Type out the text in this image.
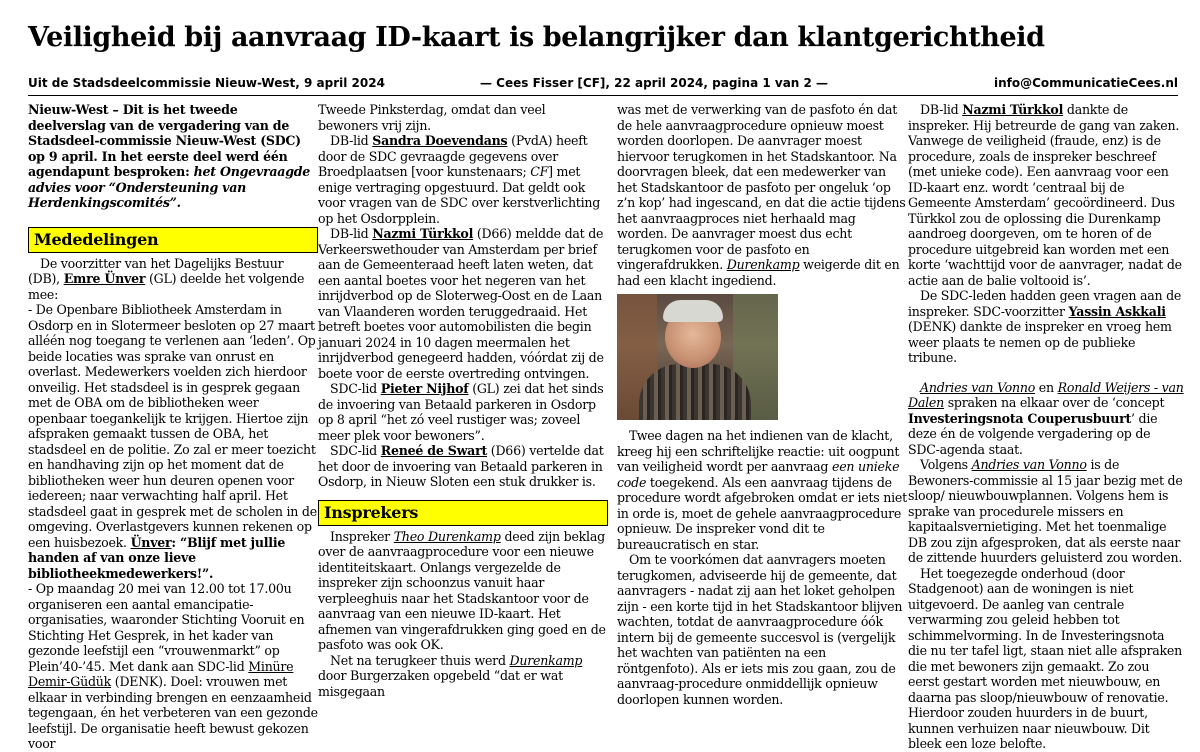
Veiligheid bij aanvraag ID-kaart is belangrijker dan klantgerichtheid
Uit de Stadsdeelcommissie Nieuw-West, 9 april 2024	— Cees Fisser [CF], 22 april 2024, pagina 1 van 2 —	info@CommunicatieCees.nl

Nieuw-West – Dit is het tweede deelverslag van de vergadering van de Stadsdeel-commissie Nieuw-West (SDC) op 9 april. In het eerste deel werd één agendapunt besproken: het Ongevraagde advies voor “Ondersteuning van Herdenkingscomités”.

Mededelingen

De voorzitter van het Dagelijks Bestuur (DB), Emre Ünver (GL) deelde het volgende mee:

- De Openbare Bibliotheek Amsterdam in Osdorp en in Slotermeer besloten op 27 maart alléén nog toegang te verlenen aan ‘leden’. Op beide locaties was sprake van onrust en overlast. Medewerkers voelden zich hierdoor onveilig. Het stadsdeel is in gesprek gegaan met de OBA om de bibliotheken weer openbaar toegankelijk te krijgen. Hiertoe zijn afspraken gemaakt tussen de OBA, het stadsdeel en de politie. Zo zal er meer toezicht en handhaving zijn op het moment dat de bibliotheken weer hun deuren openen voor iedereen; naar verwachting half april. Het stadsdeel gaat in gesprek met de scholen in de omgeving. Overlastgevers kunnen rekenen op een huisbezoek. Ünver: “Blijf met jullie handen af van onze lieve bibliotheekmedewerkers!”.

- Op maandag 20 mei van 12.00 tot 17.00u organiseren een aantal emancipatie-organisaties, waaronder Stichting Vooruit en Stichting Het Gesprek, in het kader van gezonde leefstijl een “vrouwenmarkt” op Plein’40-’45. Met dank aan SDC-lid Minüre Demir-Güdük (DENK). Doel: vrouwen met elkaar in verbinding brengen en eenzaamheid tegengaan, én het verbeteren van een gezonde leefstijl. De organisatie heeft bewust gekozen voor

Tweede Pinksterdag, omdat dan veel bewoners vrij zijn.

DB-lid Sandra Doevendans (PvdA) heeft door de SDC gevraagde gegevens over Broedplaatsen [voor kunstenaars; CF] met enige vertraging opgestuurd. Dat geldt ook voor vragen van de SDC over kerstverlichting op het Osdorpplein.

DB-lid Nazmi Türkkol (D66) meldde dat de Verkeerswethouder van Amsterdam per brief aan de Gemeenteraad heeft laten weten, dat een aantal boetes voor het negeren van het inrijdverbod op de Sloterweg-Oost en de Laan van Vlaanderen worden teruggedraaid. Het betreft boetes voor automobilisten die begin januari 2024 in 10 dagen meermalen het inrijdverbod genegeerd hadden, vóórdat zij de boete voor de eerste overtreding ontvingen.

SDC-lid Pieter Nijhof (GL) zei dat het sinds de invoering van Betaald parkeren in Osdorp op 8 april “het zó veel rustiger was; zoveel meer plek voor bewoners”.

SDC-lid Reneé de Swart (D66) vertelde dat het door de invoering van Betaald parkeren in Osdorp, in Nieuw Sloten een stuk drukker is.

Insprekers

Inspreker Theo Durenkamp deed zijn beklag over de aanvraagprocedure voor een nieuwe identiteitskaart. Onlangs vergezelde de inspreker zijn schoonzus vanuit haar verpleeghuis naar het Stadskantoor voor de aanvraag van een nieuwe ID-kaart. Het afnemen van vingerafdrukken ging goed en de pasfoto was ook OK.

Net na terugkeer thuis werd Durenkamp door Burgerzaken opgebeld “dat er wat misgegaan

was met de verwerking van de pasfoto én dat de hele aanvraagprocedure opnieuw moest worden doorlopen. De aanvrager moest hiervoor terugkomen in het Stadskantoor. Na doorvragen bleek, dat een medewerker van het Stadskantoor de pasfoto per ongeluk ‘op z’n kop’ had ingescand, en dat die actie tijdens het aanvraagproces niet herhaald mag worden. De aanvrager moest dus echt terugkomen voor de pasfoto en vingerafdrukken. Durenkamp weigerde dit en had een klacht ingediend.

Twee dagen na het indienen van de klacht, kreeg hij een schriftelijke reactie: uit oogpunt van veiligheid wordt per aanvraag een unieke code toegekend. Als een aanvraag tijdens de procedure wordt afgebroken omdat er iets niet in orde is, moet de gehele aanvraagprocedure opnieuw. De inspreker vond dit te bureaucratisch en star.

Om te voorkómen dat aanvragers moeten terugkomen, adviseerde hij de gemeente, dat aanvragers - nadat zij aan het loket geholpen zijn - een korte tijd in het Stadskantoor blijven wachten, totdat de aanvraagprocedure óók intern bij de gemeente succesvol is (vergelijk het wachten van patiënten na een röntgenfoto). Als er iets mis zou gaan, zou de aanvraag-procedure onmiddellijk opnieuw doorlopen kunnen worden.

DB-lid Nazmi Türkkol dankte de inspreker. Hij betreurde de gang van zaken. Vanwege de veiligheid (fraude, enz) is de procedure, zoals de inspreker beschreef (met unieke code). Een aanvraag voor een ID-kaart enz. wordt ‘centraal bij de Gemeente Amsterdam’ gecoördineerd. Dus Türkkol zou de oplossing die Durenkamp aandroeg doorgeven, om te horen of de procedure uitgebreid kan worden met een korte ‘wachttijd voor de aanvrager, nadat de actie aan de balie voltooid is’.

De SDC-leden hadden geen vragen aan de inspreker. SDC-voorzitter Yassin Askkali (DENK) dankte de inspreker en vroeg hem weer plaats te nemen op de publieke tribune.

Andries van Vonno en Ronald Weijers - van Dalen spraken na elkaar over de ‘concept Investeringsnota Couperusbuurt’ die deze én de volgende vergadering op de SDC-agenda staat.

Volgens Andries van Vonno is de Bewoners-commissie al 15 jaar bezig met de sloop/ nieuwbouwplannen. Volgens hem is sprake van procedurele missers en kapitaalsvernietiging. Met het toenmalige DB zou zijn afgesproken, dat als eerste naar de zittende huurders geluisterd zou worden.

Het toegezegde onderhoud (door Stadgenoot) aan de woningen is niet uitgevoerd. De aanleg van centrale verwarming zou geleid hebben tot schimmelvorming. In de Investeringsnota die nu ter tafel ligt, staan niet alle afspraken die met bewoners zijn gemaakt. Zo zou eerst gestart worden met nieuwbouw, en daarna pas sloop/nieuwbouw of renovatie. Hierdoor zouden huurders in de buurt, kunnen verhuizen naar nieuwbouw. Dit bleek een loze belofte.
